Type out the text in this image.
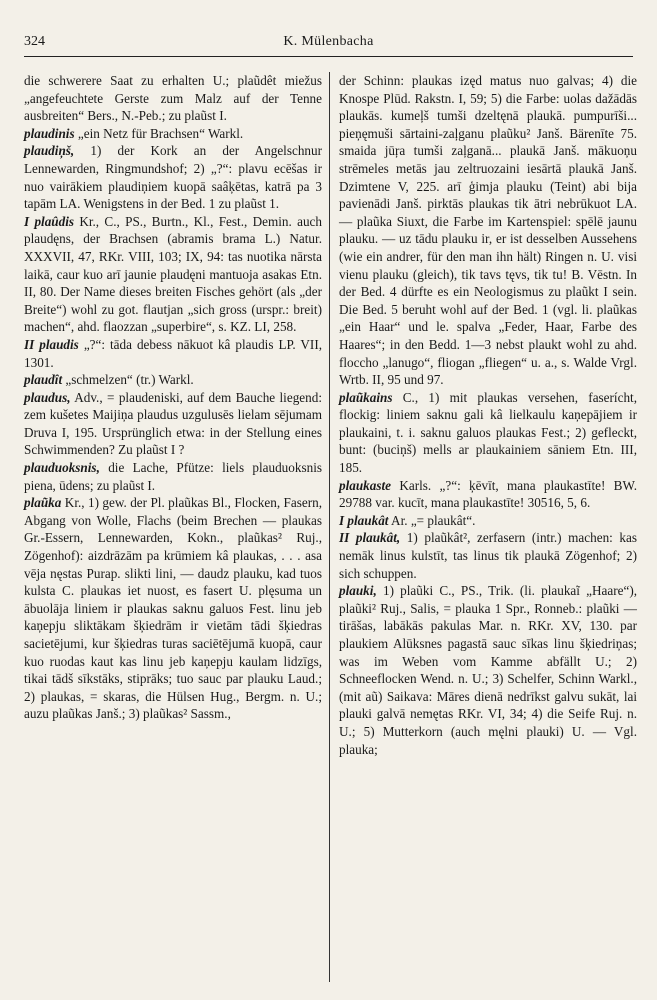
324	K. Mülenbacha

die schwerere Saat zu erhalten U.; plaũdêt miežus „angefeuchtete Gerste zum Malz auf der Tenne ausbreiten“ Bers., N.-Peb.; zu plaũst I.

plaudinis „ein Netz für Brachsen“ Warkl.

plaudiņš, 1) der Kork an der Angelschnur Lennewarden, Ringmundshof; 2) „?“: plavu ecēšas ir nuo vairākiem plaudiņiem kuopā saâķētas, katrā pa 3 tapām LA. Wenigstens in der Bed. 1 zu plaũst 1.

I plaûdis Kr., C., PS., Burtn., Kl., Fest., Demin. auch plaudęns, der Brachsen (abramis brama L.) Natur. XXXVII, 47, RKr. VIII, 103; IX, 94: tas nuotika nārsta laikā, caur kuo arī jaunie plaudęni mantuoja asakas Etn. II, 80. Der Name dieses breiten Fisches gehört (als „der Breite“) wohl zu got. flautjan „sich gross (urspr.: breit) machen“, ahd. flaozzan „superbire“, s. KZ. LI, 258.

II plaudis „?“: tāda debess nākuot kâ plaudis LP. VII, 1301.

plaudît „schmelzen“ (tr.) Warkl.

plaudus, Adv., = plaudeniski, auf dem Bauche liegend: zem kušetes Maijiņa plaudus uzgulusēs lielam sējumam Druva I, 195. Ursprünglich etwa: in der Stellung eines Schwimmenden? Zu plaũst I ?

plauduoksnis, die Lache, Pfütze: liels plauduoksnis piena, ūdens; zu plaũst I.

plaũka Kr., 1) gew. der Pl. plaũkas Bl., Flocken, Fasern, Abgang von Wolle, Flachs (beim Brechen — plaukas Gr.-Essern, Lennewarden, Kokn., plaũkas² Ruj., Zögenhof): aizdrāzām pa krūmiem kâ plaukas, . . . asa vēja nęstas Purap. slikti lini, — daudz plauku, kad tuos kulsta C. plaukas iet nuost, es fasert U. plęsuma un ābuolāja liniem ir plaukas saknu galuos Fest. linu jeb kaņepju sliktākam šķiedrām ir vietām tādi šķiedras sacietējumi, kur šķiedras turas saciētējumā kuopā, caur kuo ruodas kaut kas linu jeb kaņepju kaulam lidzīgs, tikai tādš sīkstāks, stiprāks; tuo sauc par plauku Laud.; 2) plaukas, = skaras, die Hülsen Hug., Bergm. n. U.; auzu plaũkas Janš.; 3) plaũkas² Sassm.,

der Schinn: plaukas izęd matus nuo galvas; 4) die Knospe Plūd. Rakstn. I, 59; 5) die Farbe: uolas dažādās plaukās. kumeļš tumši dzeltęnā plaukā. pumpurīši... pieņęmuši sārtaini-zaļganu plaũku² Janš. Bärenīte 75. smaida jūŗa tumši zaļganā... plaukā Janš. mākuoņu strēmeles metās jau zeltruozaini iesārtā plaukā Janš. Dzimtene V, 225. arī ģimja plauku (Teint) abi bija pavienādi Janš. pirktās plaukas tik ātri nebrūkuot LA. — plaũka Siuxt, die Farbe im Kartenspiel: spēlē jaunu plauku. — uz tādu plauku ir, er ist desselben Aussehens (wie ein andrer, für den man ihn hält) Ringen n. U. visi vienu plauku (gleich), tik tavs tęvs, tik tu! B. Vēstn. In der Bed. 4 dürfte es ein Neologismus zu plaũkt I sein. Die Bed. 5 beruht wohl auf der Bed. 1 (vgl. li. plaũkas „ein Haar“ und le. spalva „Feder, Haar, Farbe des Haares“; in den Bedd. 1—3 nebst plaukt wohl zu ahd. floccho „lanugo“, fliogan „fliegen“ u. a., s. Walde Vrgl. Wrtb. II, 95 und 97.

plaũkains C., 1) mit plaukas versehen, faserícht, flockig: liniem saknu gali kâ lielkaulu kaņepājiem ir plaukaini, t. i. saknu galuos plaukas Fest.; 2) gefleckt, bunt: (buciņš) mells ar plaukainiem sāniem Etn. III, 185.

plaukaste Karls. „?“: ķēvīt, mana plaukastīte! BW. 29788 var. kucīt, mana plaukastīte! 30516, 5, 6.

I plaukât Ar. „= plaukât“.

II plaukât, 1) plaũkât², zerfasern (intr.) machen: kas nemāk linus kulstīt, tas linus tik plaukā Zögenhof; 2) sich schuppen.

plauki, 1) plaũki C., PS., Trik. (li. plaukaĩ „Haare“), plaũki² Ruj., Salis, = plauka 1 Spr., Ronneb.: plaũki — tirāšas, labākās pakulas Mar. n. RKr. XV, 130. par plaukiem Alūksnes pagastā sauc sīkas linu šķiedriņas; was im Weben vom Kamme abfällt U.; 2) Schneeflocken Wend. n. U.; 3) Schelfer, Schinn Warkl., (mit aũ) Saikava: Māres dienā nedrīkst galvu sukāt, lai plauki galvā nemętas RKr. VI, 34; 4) die Seife Ruj. n. U.; 5) Mutterkorn (auch męlni plauki) U. — Vgl. plauka;
